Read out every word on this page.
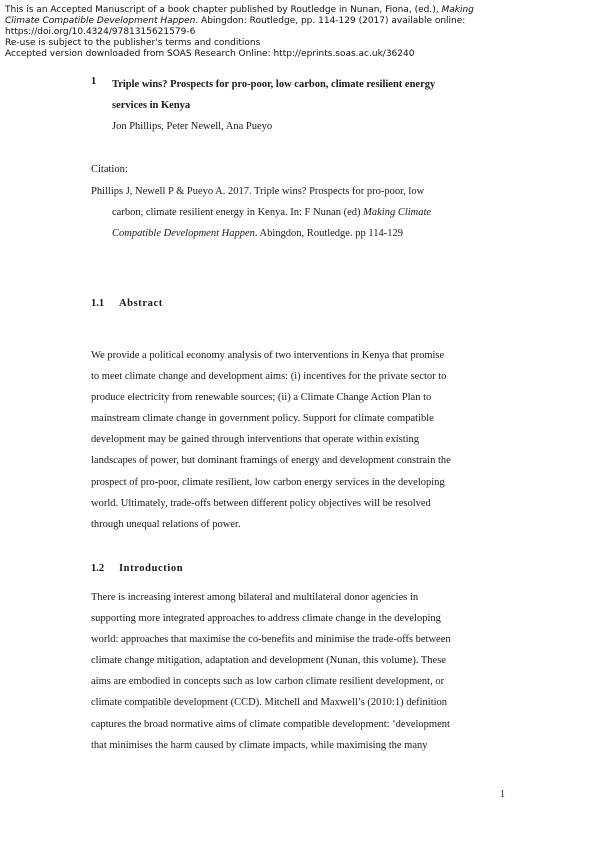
This is an Accepted Manuscript of a book chapter published by Routledge in Nunan, Fiona, (ed.), Making
Climate Compatible Development Happen. Abingdon: Routledge, pp. 114-129 (2017) available online:
https://doi.org/10.4324/9781315621579-6
Re-use is subject to the publisher's terms and conditions
Accepted version downloaded from SOAS Research Online: http://eprints.soas.ac.uk/36240
1 Triple wins? Prospects for pro-poor, low carbon, climate resilient energy
services in Kenya
Jon Phillips, Peter Newell, Ana Pueyo
Citation:
Phillips J, Newell P & Pueyo A. 2017. Triple wins? Prospects for pro-poor, low
carbon, climate resilient energy in Kenya. In: F Nunan (ed) Making Climate
Compatible Development Happen. Abingdon, Routledge. pp 114-129
1.1 Abstract
We provide a political economy analysis of two interventions in Kenya that promise
to meet climate change and development aims: (i) incentives for the private sector to
produce electricity from renewable sources; (ii) a Climate Change Action Plan to
mainstream climate change in government policy. Support for climate compatible
development may be gained through interventions that operate within existing
landscapes of power, but dominant framings of energy and development constrain the
prospect of pro-poor, climate resilient, low carbon energy services in the developing
world. Ultimately, trade-offs between different policy objectives will be resolved
through unequal relations of power.
1.2 Introduction
There is increasing interest among bilateral and multilateral donor agencies in
supporting more integrated approaches to address climate change in the developing
world: approaches that maximise the co-benefits and minimise the trade-offs between
climate change mitigation, adaptation and development (Nunan, this volume). These
aims are embodied in concepts such as low carbon climate resilient development, or
climate compatible development (CCD). Mitchell and Maxwell’s (2010:1) definition
captures the broad normative aims of climate compatible development: ‘development
that minimises the harm caused by climate impacts, while maximising the many
1
